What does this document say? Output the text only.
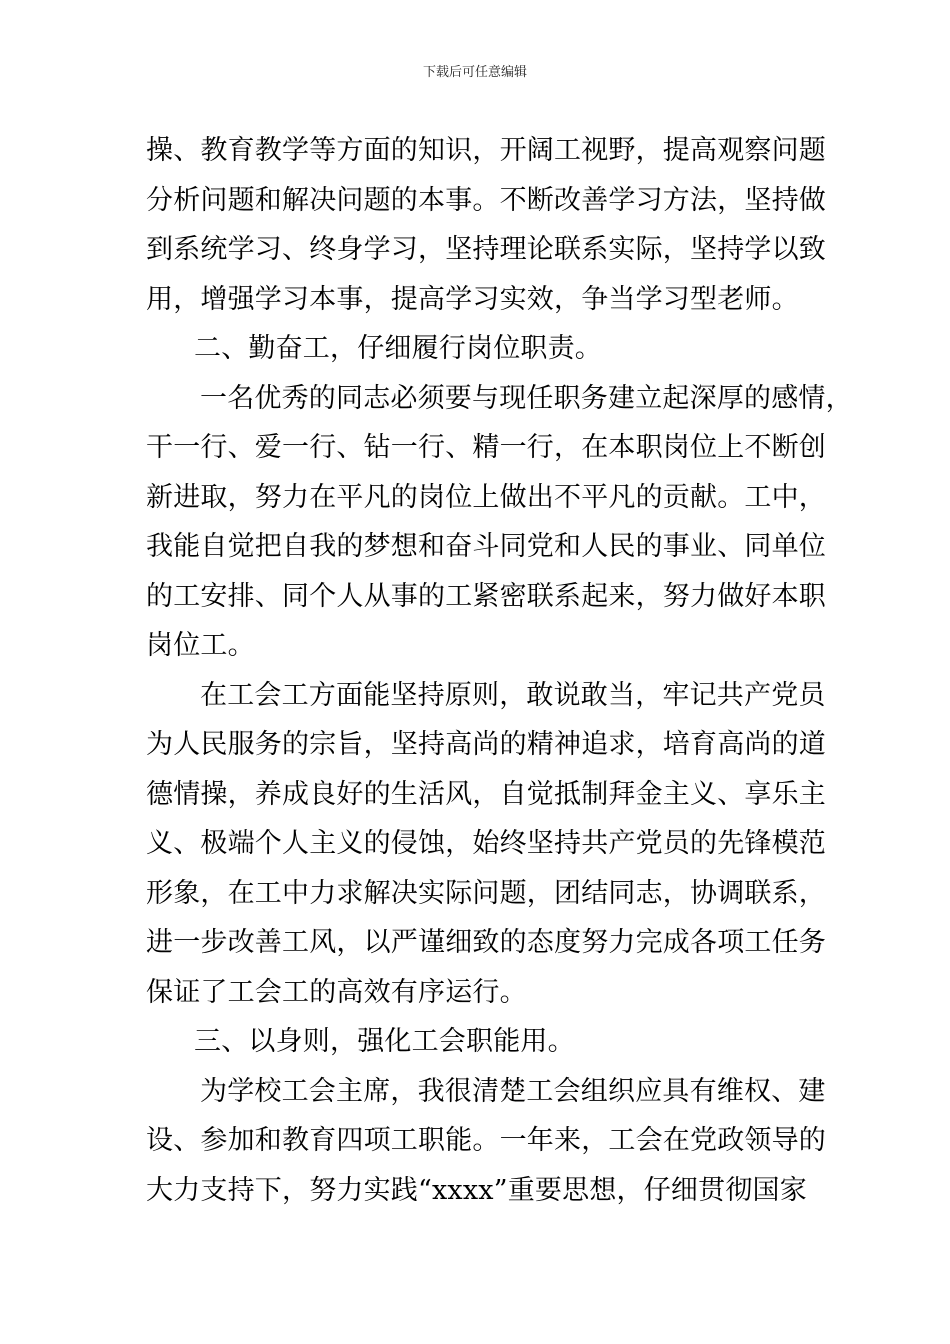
下载后可任意编辑
操、教育教学等方面的知识，开阔工视野，提高观察问题
分析问题和解决问题的本事。不断改善学习方法，坚持做
到系统学习、终身学习，坚持理论联系实际，坚持学以致
用，增强学习本事，提高学习实效，争当学习型老师。
二、勤奋工，仔细履行岗位职责。
一名优秀的同志必须要与现任职务建立起深厚的感情，
干一行、爱一行、钻一行、精一行，在本职岗位上不断创
新进取，努力在平凡的岗位上做出不平凡的贡献。工中，
我能自觉把自我的梦想和奋斗同党和人民的事业、同单位
的工安排、同个人从事的工紧密联系起来，努力做好本职
岗位工。
在工会工方面能坚持原则，敢说敢当，牢记共产党员
为人民服务的宗旨，坚持高尚的精神追求，培育高尚的道
德情操，养成良好的生活风，自觉抵制拜金主义、享乐主
义、极端个人主义的侵蚀，始终坚持共产党员的先锋模范
形象，在工中力求解决实际问题，团结同志，协调联系，
进一步改善工风，以严谨细致的态度努力完成各项工任务
保证了工会工的高效有序运行。
三、以身则，强化工会职能用。
为学校工会主席，我很清楚工会组织应具有维权、建
设、参加和教育四项工职能。一年来，工会在党政领导的
大力支持下，努力实践“xxxx”重要思想，仔细贯彻国家
